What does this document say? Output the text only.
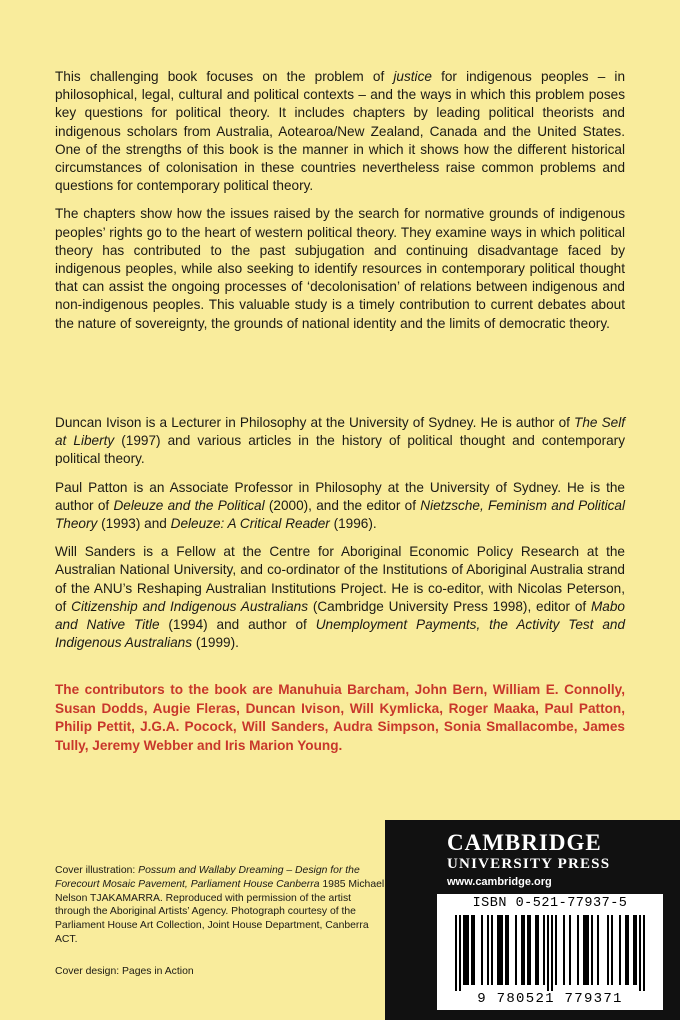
This challenging book focuses on the problem of justice for indigenous peoples – in philosophical, legal, cultural and political contexts – and the ways in which this problem poses key questions for political theory. It includes chapters by leading political theorists and indigenous scholars from Australia, Aotearoa/New Zealand, Canada and the United States. One of the strengths of this book is the manner in which it shows how the different historical circumstances of colonisation in these countries nevertheless raise common problems and questions for contemporary political theory.

The chapters show how the issues raised by the search for normative grounds of indigenous peoples’ rights go to the heart of western political theory. They examine ways in which political theory has contributed to the past subjugation and continuing disadvantage faced by indigenous peoples, while also seeking to identify resources in contemporary political thought that can assist the ongoing processes of ‘decolonisation’ of relations between indigenous and non-indigenous peoples. This valuable study is a timely contribution to current debates about the nature of sovereignty, the grounds of national identity and the limits of democratic theory.

Duncan Ivison is a Lecturer in Philosophy at the University of Sydney. He is author of The Self at Liberty (1997) and various articles in the history of political thought and contemporary political theory.

Paul Patton is an Associate Professor in Philosophy at the University of Sydney. He is the author of Deleuze and the Political (2000), and the editor of Nietzsche, Feminism and Political Theory (1993) and Deleuze: A Critical Reader (1996).

Will Sanders is a Fellow at the Centre for Aboriginal Economic Policy Research at the Australian National University, and co-ordinator of the Institutions of Aboriginal Australia strand of the ANU’s Reshaping Australian Institutions Project. He is co-editor, with Nicolas Peterson, of Citizenship and Indigenous Australians (Cambridge University Press 1998), editor of Mabo and Native Title (1994) and author of Unemployment Payments, the Activity Test and Indigenous Australians (1999).

The contributors to the book are Manuhuia Barcham, John Bern, William E. Connolly, Susan Dodds, Augie Fleras, Duncan Ivison, Will Kymlicka, Roger Maaka, Paul Patton, Philip Pettit, J.G.A. Pocock, Will Sanders, Audra Simpson, Sonia Smallacombe, James Tully, Jeremy Webber and Iris Marion Young.

Cover illustration: Possum and Wallaby Dreaming – Design for the Forecourt Mosaic Pavement, Parliament House Canberra 1985 Michael Nelson TJAKAMARRA. Reproduced with permission of the artist through the Aboriginal Artists’ Agency. Photograph courtesy of the Parliament House Art Collection, Joint House Department, Canberra ACT.

Cover design: Pages in Action
CAMBRIDGE
UNIVERSITY PRESS
www.cambridge.org
ISBN 0-521-77937-5
9 780521 779371
